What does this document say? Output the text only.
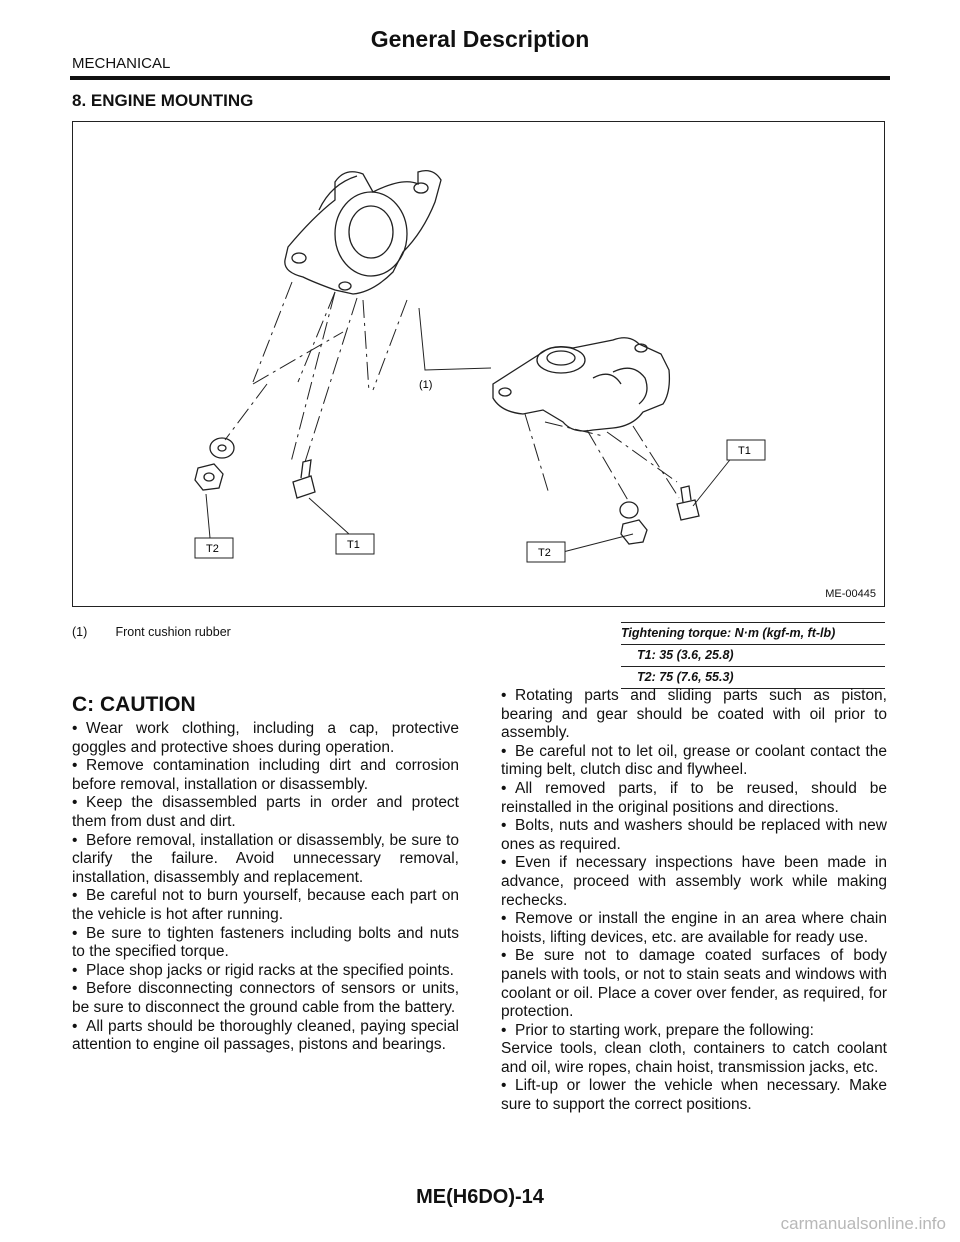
General Description
MECHANICAL
8. ENGINE MOUNTING
(1)
T2	T1
T2
T1
ME-00445
(1) Front cushion rubber	Tightening torque: N·m (kgf-m, ft-lb)
T1: 35 (3.6, 25.8)
T2: 75 (7.6, 55.3)
C: CAUTION

• Wear work clothing, including a cap, protective goggles and protective shoes during operation.

• Remove contamination including dirt and corrosion before removal, installation or disassembly.

• Keep the disassembled parts in order and protect them from dust and dirt.

• Before removal, installation or disassembly, be sure to clarify the failure. Avoid unnecessary removal, installation, disassembly and replacement.

• Be careful not to burn yourself, because each part on the vehicle is hot after running.

• Be sure to tighten fasteners including bolts and nuts to the specified torque.

• Place shop jacks or rigid racks at the specified points.

• Before disconnecting connectors of sensors or units, be sure to disconnect the ground cable from the battery.

• All parts should be thoroughly cleaned, paying special attention to engine oil passages, pistons and bearings.

• Rotating parts and sliding parts such as piston, bearing and gear should be coated with oil prior to assembly.

• Be careful not to let oil, grease or coolant contact the timing belt, clutch disc and flywheel.

• All removed parts, if to be reused, should be reinstalled in the original positions and directions.

• Bolts, nuts and washers should be replaced with new ones as required.

• Even if necessary inspections have been made in advance, proceed with assembly work while making rechecks.

• Remove or install the engine in an area where chain hoists, lifting devices, etc. are available for ready use.

• Be sure not to damage coated surfaces of body panels with tools, or not to stain seats and windows with coolant or oil. Place a cover over fender, as required, for protection.

• Prior to starting work, prepare the following:

Service tools, clean cloth, containers to catch coolant and oil, wire ropes, chain hoist, transmission jacks, etc.

• Lift-up or lower the vehicle when necessary. Make sure to support the correct positions.

ME(H6DO)-14
carmanualsonline.info
